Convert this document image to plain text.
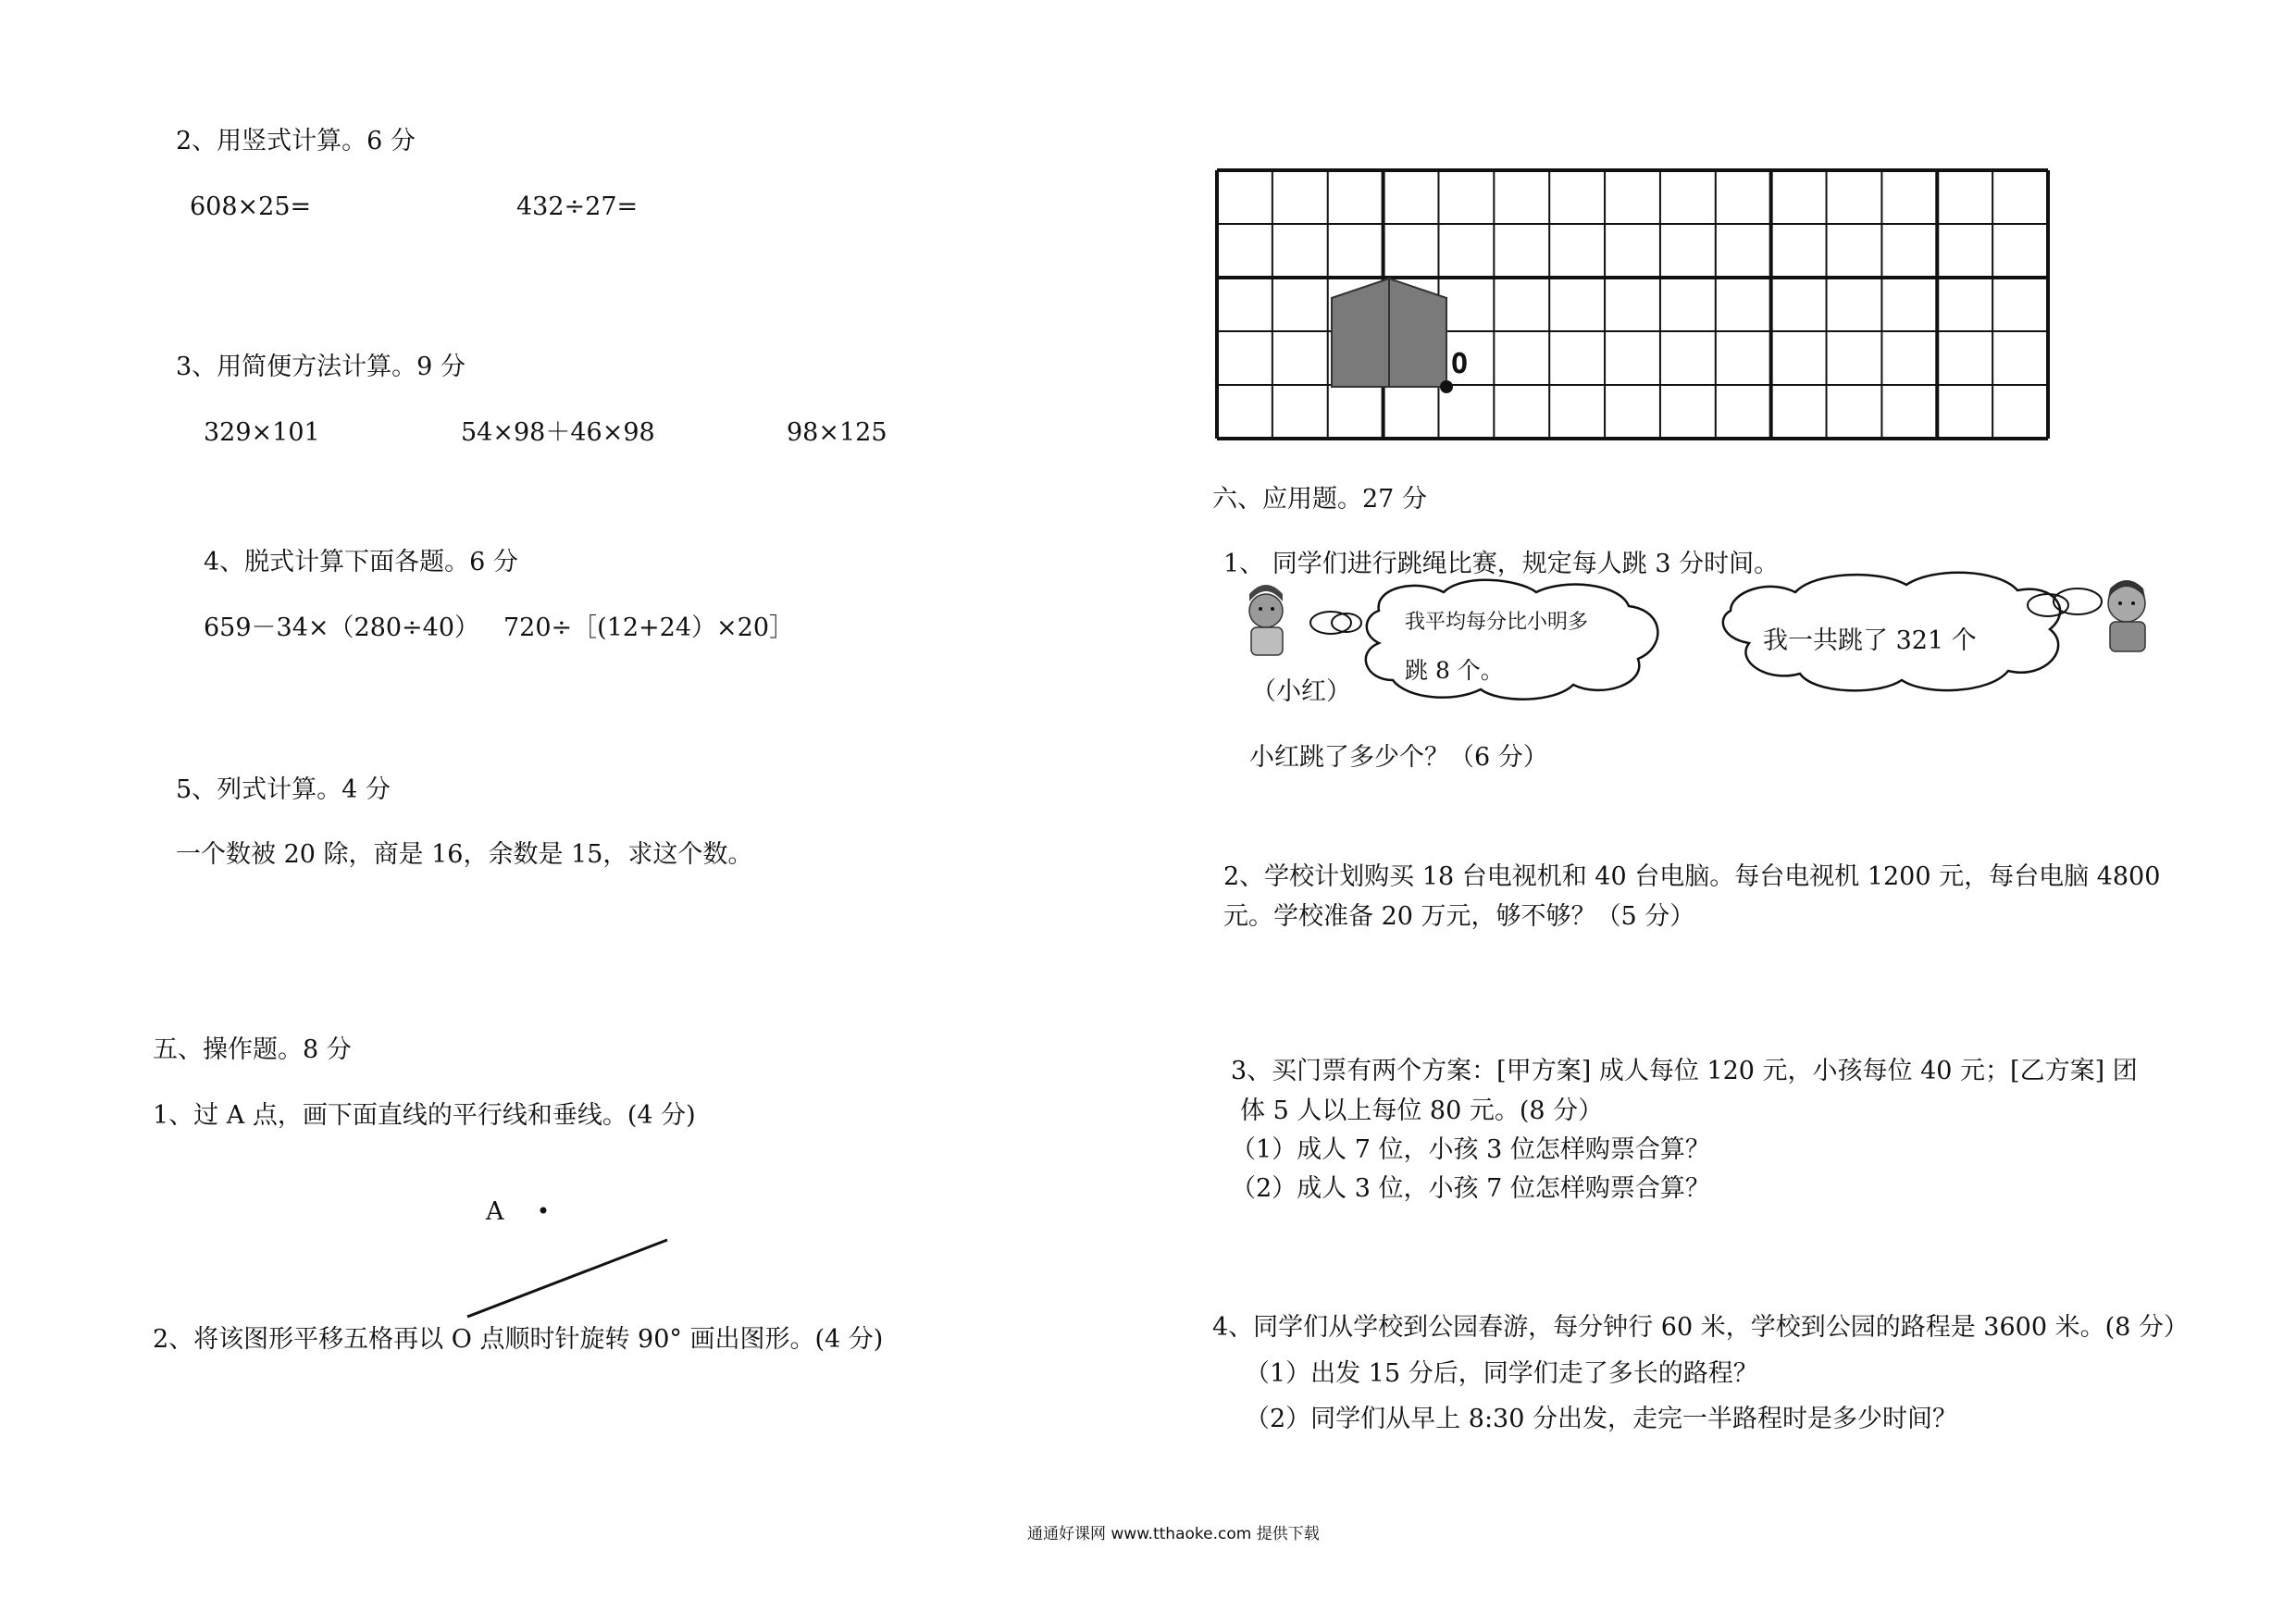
2、用竖式计算。6 分
608×25=	432÷27=
3、用简便方法计算。9 分
329×101	54×98＋46×98	98×125
4、脱式计算下面各题。6 分
659－34×（280÷40） 720÷［(12+24）×20］
5、列式计算。4 分
一个数被 20 除，商是 16，余数是 15，求这个数。
五、操作题。8 分
1、过 A 点，画下面直线的平行线和垂线。(4 分)
A
2、将该图形平移五格再以 O 点顺时针旋转 90° 画出图形。(4 分)
O
六、应用题。27 分
1、 同学们进行跳绳比赛，规定每人跳 3 分时间。
我平均每分比小明多
跳 8 个。
我一共跳了 321 个
（小红）
小红跳了多少个？（6 分）
2、学校计划购买 18 台电视机和 40 台电脑。每台电视机 1200 元，每台电脑 4800
元。学校准备 20 万元，够不够？（5 分）
3、买门票有两个方案：[甲方案] 成人每位 120 元，小孩每位 40 元；[乙方案] 团
体 5 人以上每位 80 元。(8 分）
（1）成人 7 位，小孩 3 位怎样购票合算？
（2）成人 3 位，小孩 7 位怎样购票合算？
4、同学们从学校到公园春游，每分钟行 60 米，学校到公园的路程是 3600 米。(8 分）
（1）出发 15 分后，同学们走了多长的路程？
（2）同学们从早上 8:30 分出发，走完一半路程时是多少时间？
通通好课网 www.tthaoke.com 提供下载
